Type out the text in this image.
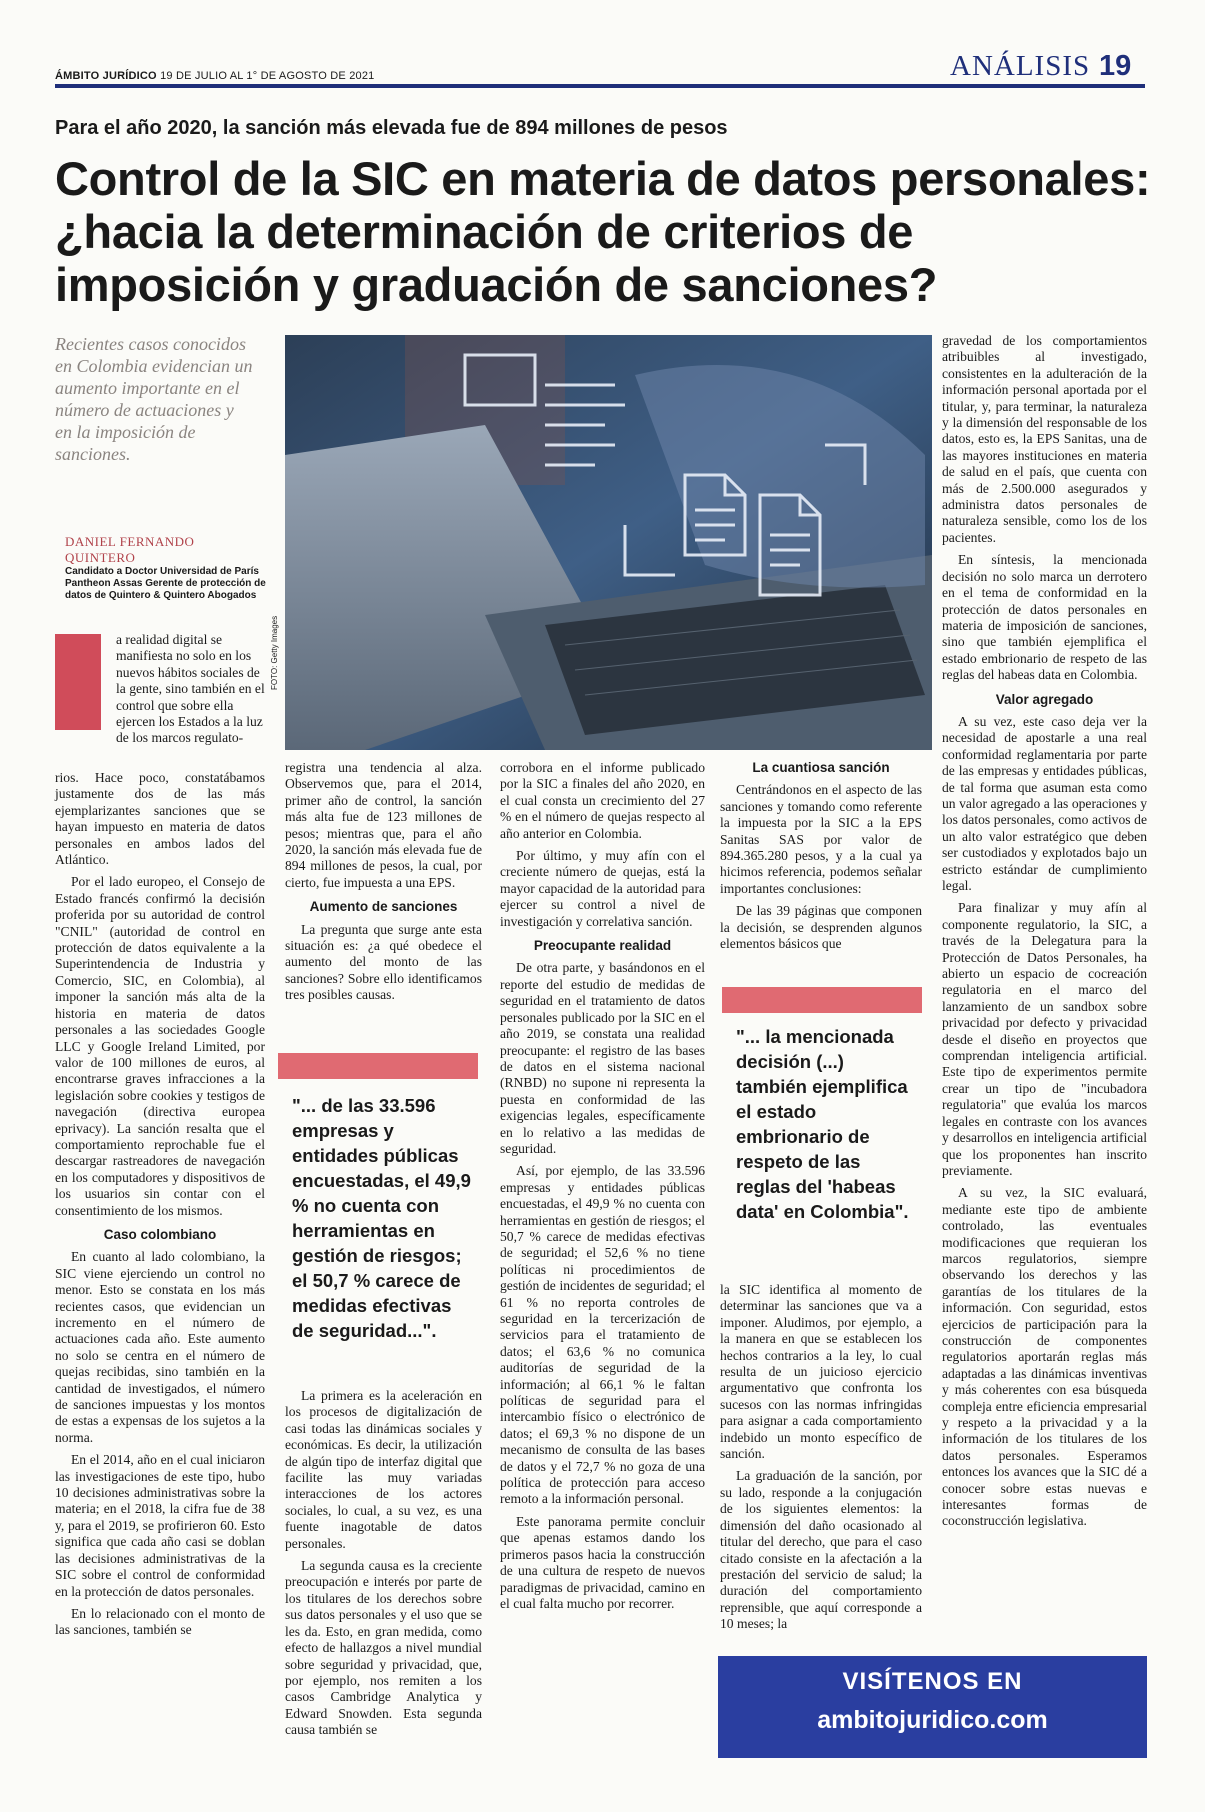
ÁMBITO JURÍDICO 19 DE JULIO AL 1° DE AGOSTO DE 2021	ANÁLISIS 19
Para el año 2020, la sanción más elevada fue de 894 millones de pesos
Control de la SIC en materia de datos personales: ¿hacia la determinación de criterios de imposición y graduación de sanciones?
Recientes casos conocidos en Colombia evidencian un aumento importante en el número de actuaciones y en la imposición de sanciones.
DANIEL FERNANDO QUINTERO
Candidato a Doctor Universidad de París Pantheon Assas Gerente de protección de datos de Quintero & Quintero Abogados
FOTO: Getty Images
a realidad digital se manifiesta no solo en los nuevos hábitos sociales de la gente, sino también en el control que sobre ella ejercen los Estados a la luz de los marcos regulato-

rios. Hace poco, constatábamos justamente dos de las más ejemplarizantes sanciones que se hayan impuesto en materia de datos personales en ambos lados del Atlántico.

Por el lado europeo, el Consejo de Estado francés confirmó la decisión proferida por su autoridad de control "CNIL" (autoridad de control en protección de datos equivalente a la Superintendencia de Industria y Comercio, SIC, en Colombia), al imponer la sanción más alta de la historia en materia de datos personales a las sociedades Google LLC y Google Ireland Limited, por valor de 100 millones de euros, al encontrarse graves infracciones a la legislación sobre cookies y testigos de navegación (directiva europea eprivacy). La sanción resalta que el comportamiento reprochable fue el descargar rastreadores de navegación en los computadores y dispositivos de los usuarios sin contar con el consentimiento de los mismos.

Caso colombiano

En cuanto al lado colombiano, la SIC viene ejerciendo un control no menor. Esto se constata en los más recientes casos, que evidencian un incremento en el número de actuaciones cada año. Este aumento no solo se centra en el número de quejas recibidas, sino también en la cantidad de investigados, el número de sanciones impuestas y los montos de estas a expensas de los sujetos a la norma.

En el 2014, año en el cual iniciaron las investigaciones de este tipo, hubo 10 decisiones administrativas sobre la materia; en el 2018, la cifra fue de 38 y, para el 2019, se profirieron 60. Esto significa que cada año casi se doblan las decisiones administrativas de la SIC sobre el control de conformidad en la protección de datos personales.

En lo relacionado con el monto de las sanciones, también se

registra una tendencia al alza. Observemos que, para el 2014, primer año de control, la sanción más alta fue de 123 millones de pesos; mientras que, para el año 2020, la sanción más elevada fue de 894 millones de pesos, la cual, por cierto, fue impuesta a una EPS.

Aumento de sanciones

La pregunta que surge ante esta situación es: ¿a qué obedece el aumento del monto de las sanciones? Sobre ello identificamos tres posibles causas.

"... de las 33.596 empresas y entidades públicas encuestadas, el 49,9 % no cuenta con herramientas en gestión de riesgos; el 50,7 % carece de medidas efectivas de seguridad...".

La primera es la aceleración en los procesos de digitalización de casi todas las dinámicas sociales y económicas. Es decir, la utilización de algún tipo de interfaz digital que facilite las muy variadas interacciones de los actores sociales, lo cual, a su vez, es una fuente inagotable de datos personales.

La segunda causa es la creciente preocupación e interés por parte de los titulares de los derechos sobre sus datos personales y el uso que se les da. Esto, en gran medida, como efecto de hallazgos a nivel mundial sobre seguridad y privacidad, que, por ejemplo, nos remiten a los casos Cambridge Analytica y Edward Snowden. Esta segunda causa también se

corrobora en el informe publicado por la SIC a finales del año 2020, en el cual consta un crecimiento del 27 % en el número de quejas respecto al año anterior en Colombia.

Por último, y muy afín con el creciente número de quejas, está la mayor capacidad de la autoridad para ejercer su control a nivel de investigación y correlativa sanción.

Preocupante realidad

De otra parte, y basándonos en el reporte del estudio de medidas de seguridad en el tratamiento de datos personales publicado por la SIC en el año 2019, se constata una realidad preocupante: el registro de las bases de datos en el sistema nacional (RNBD) no supone ni representa la puesta en conformidad de las exigencias legales, específicamente en lo relativo a las medidas de seguridad.

Así, por ejemplo, de las 33.596 empresas y entidades públicas encuestadas, el 49,9 % no cuenta con herramientas en gestión de riesgos; el 50,7 % carece de medidas efectivas de seguridad; el 52,6 % no tiene políticas ni procedimientos de gestión de incidentes de seguridad; el 61 % no reporta controles de seguridad en la tercerización de servicios para el tratamiento de datos; el 63,6 % no comunica auditorías de seguridad de la información; al 66,1 % le faltan políticas de seguridad para el intercambio físico o electrónico de datos; el 69,3 % no dispone de un mecanismo de consulta de las bases de datos y el 72,7 % no goza de una política de protección para acceso remoto a la información personal.

Este panorama permite concluir que apenas estamos dando los primeros pasos hacia la construcción de una cultura de respeto de nuevos paradigmas de privacidad, camino en el cual falta mucho por recorrer.

La cuantiosa sanción

Centrándonos en el aspecto de las sanciones y tomando como referente la impuesta por la SIC a la EPS Sanitas SAS por valor de 894.365.280 pesos, y a la cual ya hicimos referencia, podemos señalar importantes conclusiones:

De las 39 páginas que componen la decisión, se desprenden algunos elementos básicos que

"... la mencionada decisión (...) también ejemplifica el estado embrionario de respeto de las reglas del 'habeas data' en Colombia".

la SIC identifica al momento de determinar las sanciones que va a imponer. Aludimos, por ejemplo, a la manera en que se establecen los hechos contrarios a la ley, lo cual resulta de un juicioso ejercicio argumentativo que confronta los sucesos con las normas infringidas para asignar a cada comportamiento indebido un monto específico de sanción.

La graduación de la sanción, por su lado, responde a la conjugación de los siguientes elementos: la dimensión del daño ocasionado al titular del derecho, que para el caso citado consiste en la afectación a la prestación del servicio de salud; la duración del comportamiento reprensible, que aquí corresponde a 10 meses; la

gravedad de los comportamientos atribuibles al investigado, consistentes en la adulteración de la información personal aportada por el titular, y, para terminar, la naturaleza y la dimensión del responsable de los datos, esto es, la EPS Sanitas, una de las mayores instituciones en materia de salud en el país, que cuenta con más de 2.500.000 asegurados y administra datos personales de naturaleza sensible, como los de los pacientes.

En síntesis, la mencionada decisión no solo marca un derrotero en el tema de conformidad en la protección de datos personales en materia de imposición de sanciones, sino que también ejemplifica el estado embrionario de respeto de las reglas del habeas data en Colombia.

Valor agregado

A su vez, este caso deja ver la necesidad de apostarle a una real conformidad reglamentaria por parte de las empresas y entidades públicas, de tal forma que asuman esta como un valor agregado a las operaciones y los datos personales, como activos de un alto valor estratégico que deben ser custodiados y explotados bajo un estricto estándar de cumplimiento legal.

Para finalizar y muy afín al componente regulatorio, la SIC, a través de la Delegatura para la Protección de Datos Personales, ha abierto un espacio de cocreación regulatoria en el marco del lanzamiento de un sandbox sobre privacidad por defecto y privacidad desde el diseño en proyectos que comprendan inteligencia artificial. Este tipo de experimentos permite crear un tipo de "incubadora regulatoria" que evalúa los marcos legales en contraste con los avances y desarrollos en inteligencia artificial que los proponentes han inscrito previamente.

A su vez, la SIC evaluará, mediante este tipo de ambiente controlado, las eventuales modificaciones que requieran los marcos regulatorios, siempre observando los derechos y las garantías de los titulares de la información. Con seguridad, estos ejercicios de participación para la construcción de componentes regulatorios aportarán reglas más adaptadas a las dinámicas inventivas y más coherentes con esa búsqueda compleja entre eficiencia empresarial y respeto a la privacidad y a la información de los titulares de los datos personales. Esperamos entonces los avances que la SIC dé a conocer sobre estas nuevas e interesantes formas de coconstrucción legislativa.

VISÍTENOS EN
ambitojuridico.com
